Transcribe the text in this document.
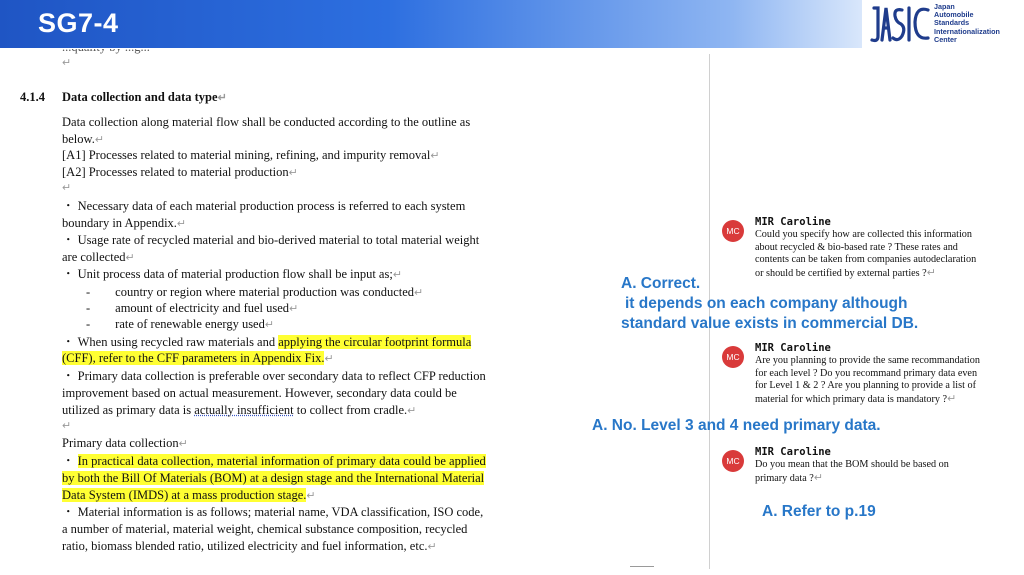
SG7-4
Japan
Automobile
Standards
Internationalization
Center
↵
4.1.4 Data collection and data type↵
Data collection along material flow shall be conducted according to the outline as
below.↵
[A1] Processes related to material mining, refining, and impurity removal↵
[A2] Processes related to material production↵
↵
・ Necessary data of each material production process is referred to each system
boundary in Appendix.↵
・ Usage rate of recycled material and bio-derived material to total material weight
are collected↵
・ Unit process data of material production flow shall be input as;↵
-        country or region where material production was conducted↵
-        amount of electricity and fuel used↵
-        rate of renewable energy used↵
・ When using recycled raw materials and applying the circular footprint formula
(CFF), refer to the CFF parameters in Appendix Fix.↵
・ Primary data collection is preferable over secondary data to reflect CFP reduction
improvement based on actual measurement. However, secondary data could be
utilized as primary data is actually insufficient to collect from cradle.↵
↵
Primary data collection↵
・ In practical data collection, material information of primary data could be applied
by both the Bill Of Materials (BOM) at a design stage and the International Material
Data System (IMDS) at a mass production stage.↵
・ Material information is as follows; material name, VDA classification, ISO code,
a number of material, material weight, chemical substance composition, recycled
ratio, biomass blended ratio, utilized electricity and fuel information, etc.↵
MC
MIR Caroline
Could you specify how are collected this information
about recycled & bio-based rate ? These rates and
contents can be taken from companies autodeclaration
or should be certified by external parties ?↵
MC
MIR Caroline
Are you planning to provide the same recommandation
for each level ? Do you recommand primary data even
for Level 1 & 2 ? Are you planning to provide a list of
material for which primary data is mandatory ?↵
MC
MIR Caroline
Do you mean that the BOM should be based on
primary data ?↵
A. Correct.
it depends on each company although
standard value exists in commercial DB.
A. No. Level 3 and 4 need primary data.
A. Refer to p.19
